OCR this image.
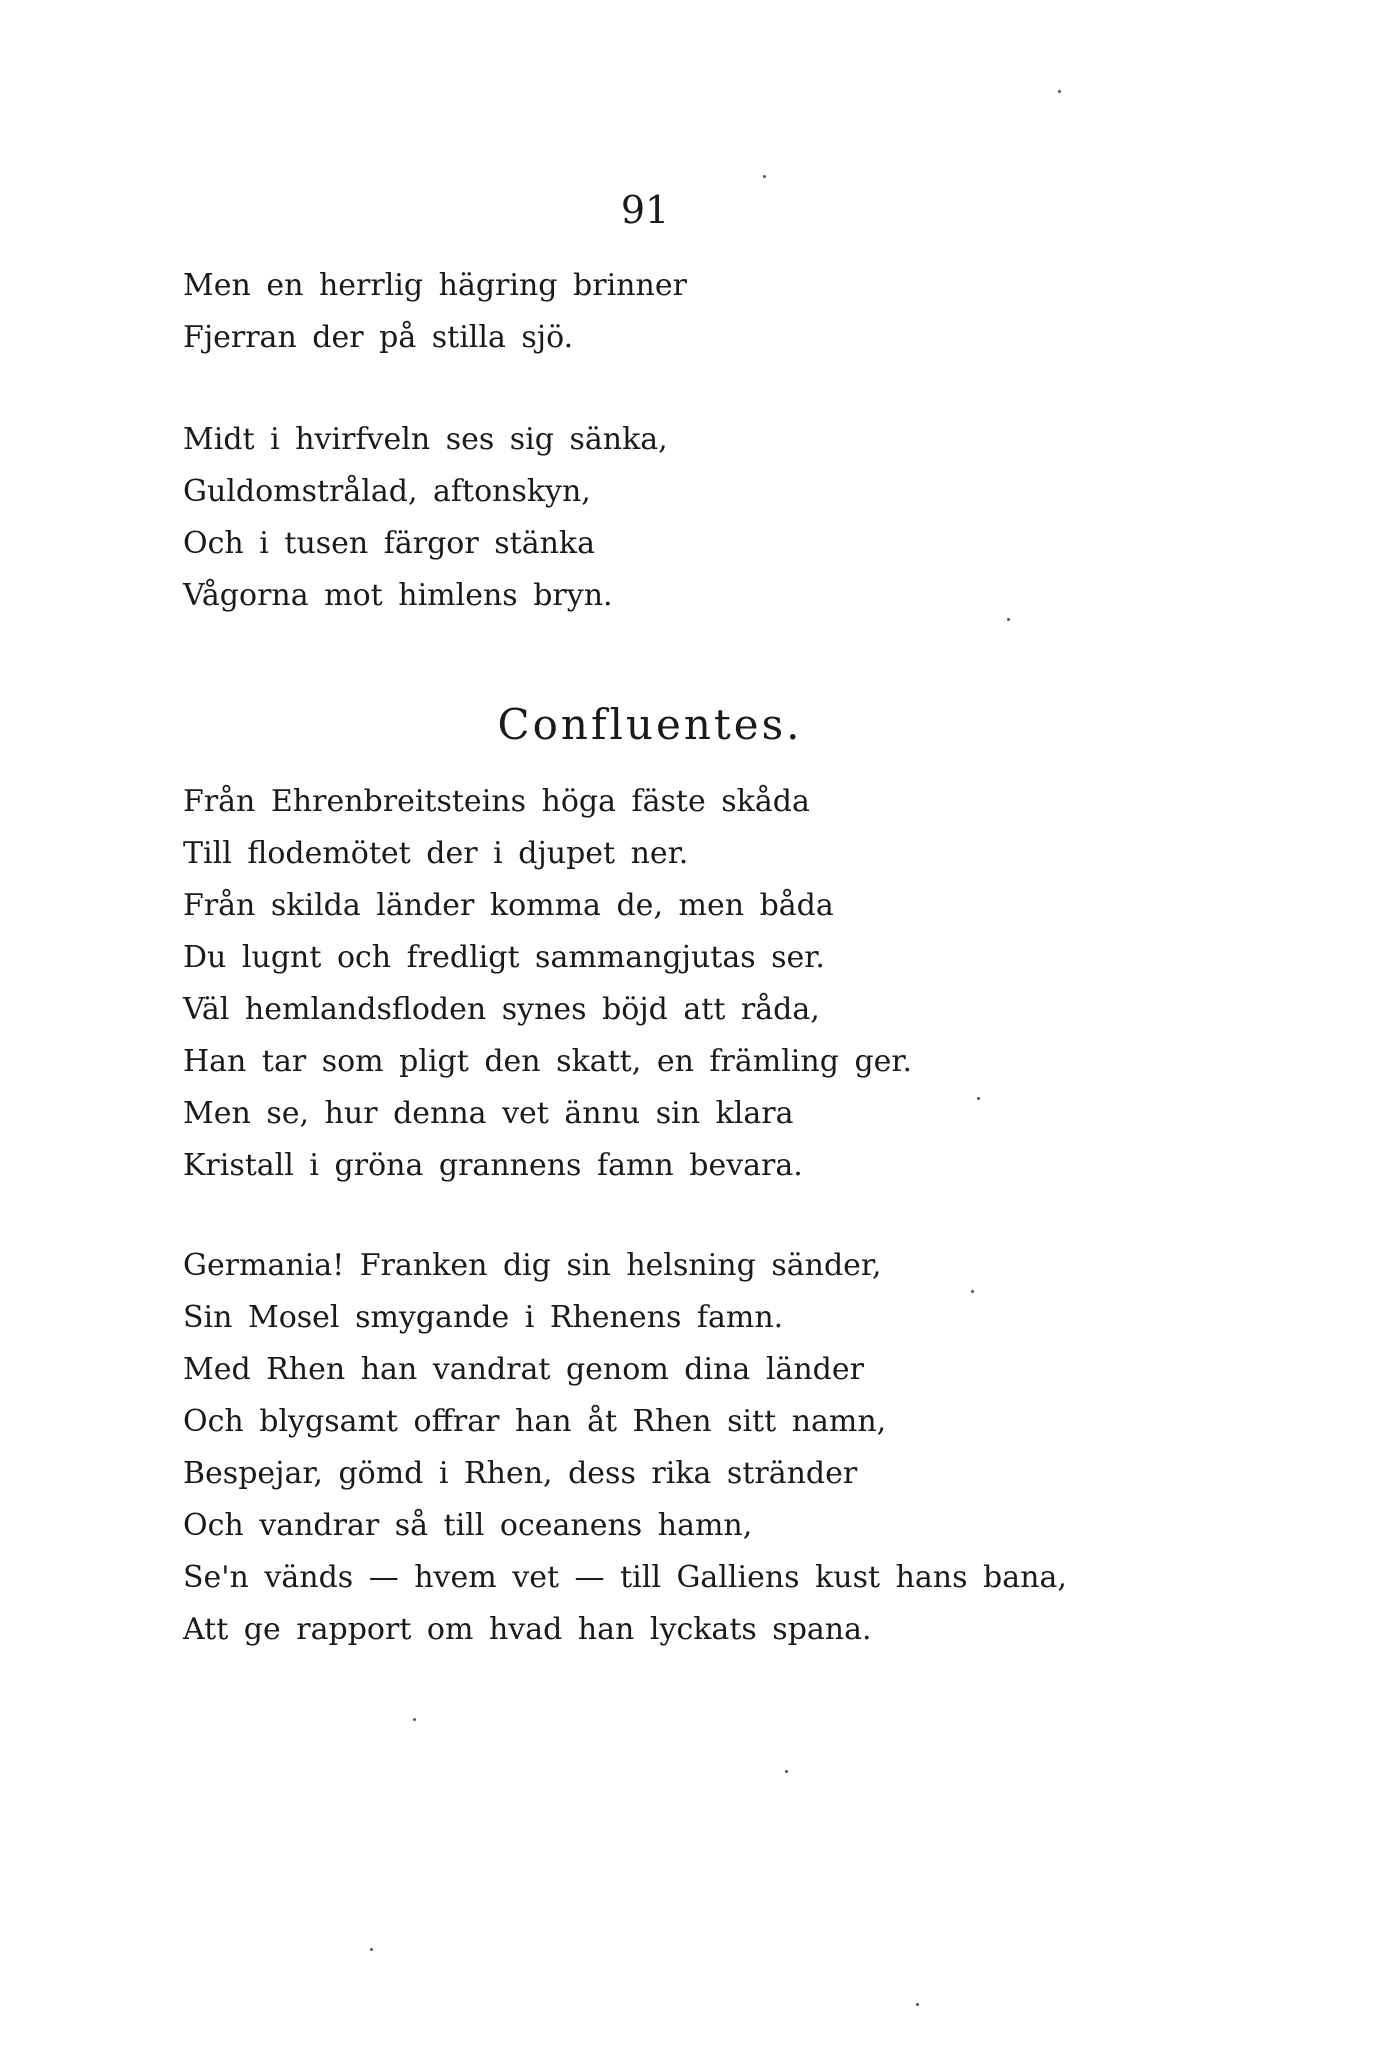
91
Men en herrlig hägring brinner
Fjerran der på stilla sjö.
Midt i hvirfveln ses sig sänka,
Guldomstrålad, aftonskyn,
Och i tusen färgor stänka
Vågorna mot himlens bryn.
Confluentes.
Från Ehrenbreitsteins höga fäste skåda
Till flodemötet der i djupet ner.
Från skilda länder komma de, men båda
Du lugnt och fredligt sammangjutas ser.
Väl hemlandsfloden synes böjd att råda,
Han tar som pligt den skatt, en främling ger.
Men se, hur denna vet ännu sin klara
Kristall i gröna grannens famn bevara.
Germania! Franken dig sin helsning sänder,
Sin Mosel smygande i Rhenens famn.
Med Rhen han vandrat genom dina länder
Och blygsamt offrar han åt Rhen sitt namn,
Bespejar, gömd i Rhen, dess rika stränder
Och vandrar så till oceanens hamn,
Se'n vänds — hvem vet — till Galliens kust hans bana,
Att ge rapport om hvad han lyckats spana.
